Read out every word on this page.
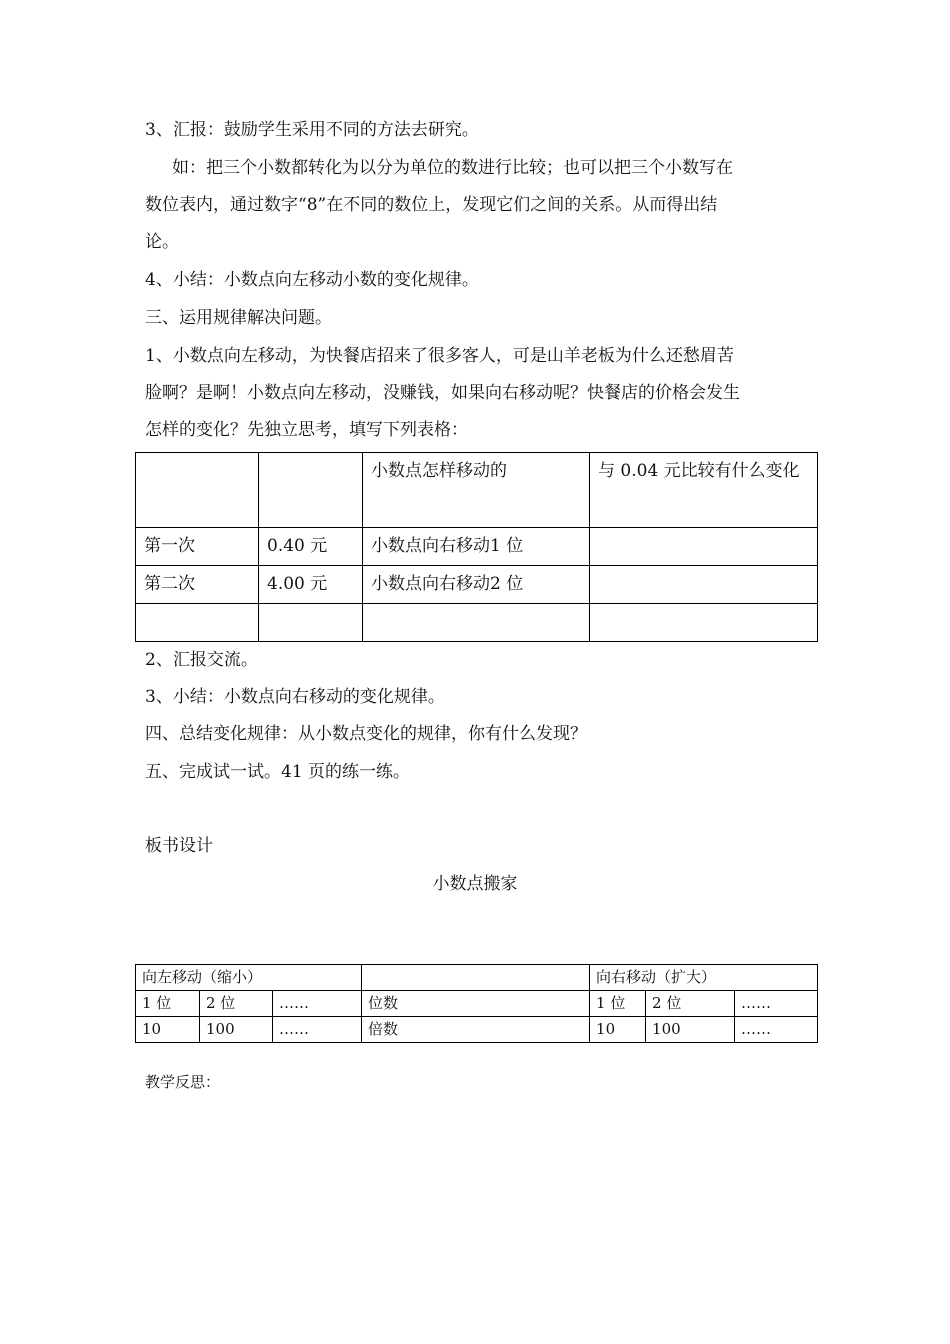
3、汇报：鼓励学生采用不同的方法去研究。

如：把三个小数都转化为以分为单位的数进行比较；也可以把三个小数写在

数位表内，通过数字“8”在不同的数位上，发现它们之间的关系。从而得出结

论。

4、小结：小数点向左移动小数的变化规律。

三、运用规律解决问题。

1、小数点向左移动，为快餐店招来了很多客人，可是山羊老板为什么还愁眉苦

脸啊？是啊！小数点向左移动，没赚钱，如果向右移动呢？快餐店的价格会发生

怎样的变化？先独立思考，填写下列表格：

		小数点怎样移动的	与 0.04 元比较有什么变化
第一次	0.40 元	小数点向右移动1 位	
第二次	4.00 元	小数点向右移动2 位	

2、汇报交流。

3、小结：小数点向右移动的变化规律。

四、总结变化规律：从小数点变化的规律，你有什么发现？

五、完成试一试。41 页的练一练。

板书设计

小数点搬家
向左移动（缩小）				向右移动（扩大）		
1 位	2 位	……	位数	1 位	2 位	……
10	100	……	倍数	10	100	……

教学反思：
